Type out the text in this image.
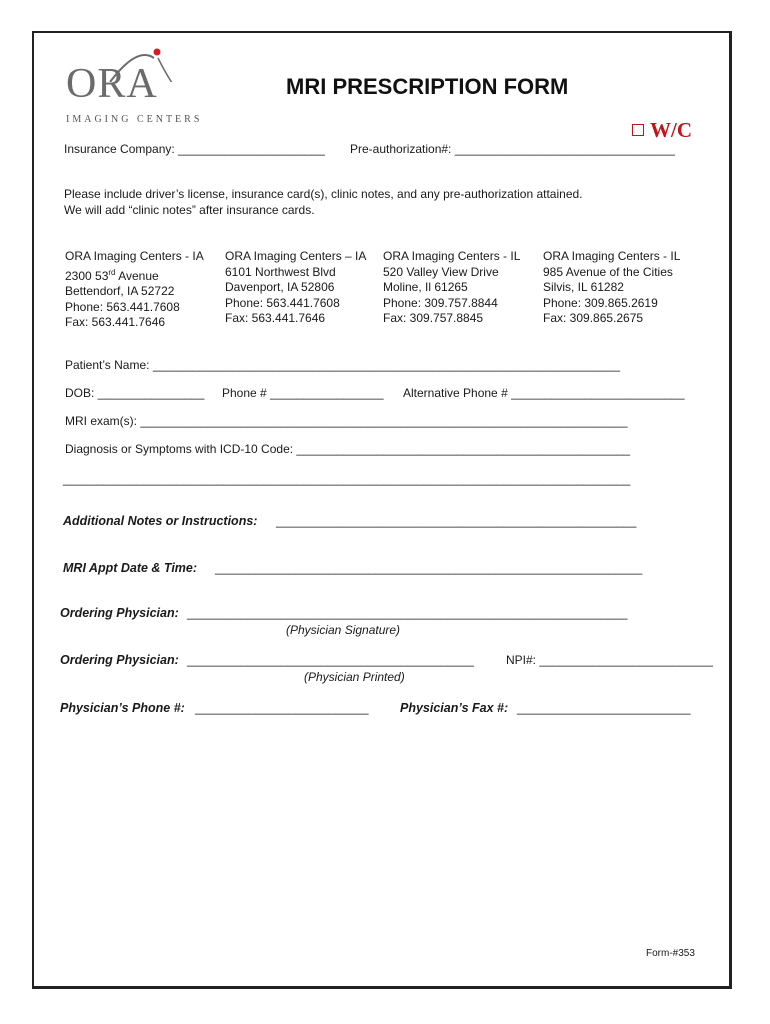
ORA
IMAGING CENTERS
MRI PRESCRIPTION FORM
W/C
Insurance Company: ______________________ Pre-authorization#: _________________________________
Please include driver’s license, insurance card(s), clinic notes, and any pre-authorization attained.
We will add “clinic notes” after insurance cards.
ORA Imaging Centers - IA
2300 53rd Avenue
Bettendorf, IA 52722
Phone: 563.441.7608
Fax: 563.441.7646
ORA Imaging Centers – IA
6101 Northwest Blvd
Davenport, IA 52806
Phone: 563.441.7608
Fax: 563.441.7646
ORA Imaging Centers - IL
520 Valley View Drive
Moline, Il 61265
Phone: 309.757.8844
Fax: 309.757.8845
ORA Imaging Centers - IL
985 Avenue of the Cities
Silvis, IL 61282
Phone: 309.865.2619
Fax: 309.865.2675
Patient’s Name: ______________________________________________________________________
DOB: ________________ Phone # _________________ Alternative Phone # __________________________
MRI exam(s): _________________________________________________________________________
Diagnosis or Symptoms with ICD-10 Code: __________________________________________________
_____________________________________________________________________________________
Additional Notes or Instructions: ______________________________________________________
MRI Appt Date & Time: ________________________________________________________________
Ordering Physician: __________________________________________________________________
(Physician Signature)
Ordering Physician: ___________________________________________	NPI#: __________________________
(Physician Printed)
Physician’s Phone #: __________________________	Physician’s Fax #: __________________________
Form-#353
